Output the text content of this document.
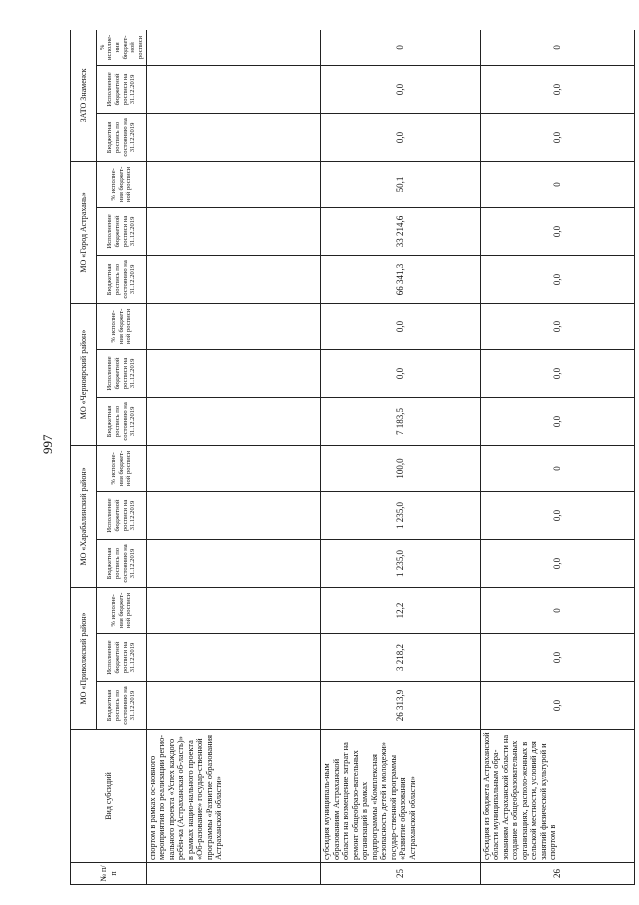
997
№ п/п	Вид субсидий	МО «Приволжский район»			МО «Харабалинский район»			МО «Черноярский район»			МО «Город Астрахань»			ЗАТО Знаменск		
		Бюджетная роспись по состоянию на 31.12.2019	Исполнение бюджетной росписи на 31.12.2019	% исполне-ния бюджет-ной росписи	Бюджетная роспись по состоянию на 31.12.2019	Исполнение бюджетной росписи на 31.12.2019	% исполне-ния бюджет-ной росписи	Бюджетная роспись по состоянию на 31.12.2019	Исполнение бюджетной росписи на 31.12.2019	% исполне-ния бюджет-ной росписи	Бюджетная роспись по состоянию на 31.12.2019	Исполнение бюджетной росписи на 31.12.2019	% исполне-ния бюджет-ной росписи	Бюджетная роспись по состоянию на 31.12.2019	Исполнение бюджетной росписи на 31.12.2019	% исполне-ния бюджет-ной росписи
	спортом в рамках ос-новного мероприятия по реализации регио-нального проекта «Успех каждого ребён-ка (Астраханская об-ласть)» в рамках нацио-нального проекта «Об-разование» государ-ственной программы «Развитие образования Астраханской области»															
25	субсидия муниципаль-ным образованиям Астраханской области на возмещение затрат на ремонт общеобразо-вательных организаций в рамках подпрограммы «Комплексная безопасность детей и молодежи» государ-ственной программы «Развитие образования Астраханской области»	26 313,9	3 218,2	12,2	1 235,0	1 235,0	100,0	7 183,5	0,0	0,0	66 341,3	33 214,6	50,1	0,0	0,0	0
26	субсидия из бюджета Астраханской области муниципальным обра-зованиям Астраханской области на создание в общеобразовательных организациях, располо-женных в сельской местности, условий для занятий физической культурой и спортом в	0,0	0,0	0	0,0	0,0	0	0,0	0,0	0,0	0,0	0,0	0	0,0	0,0	0
